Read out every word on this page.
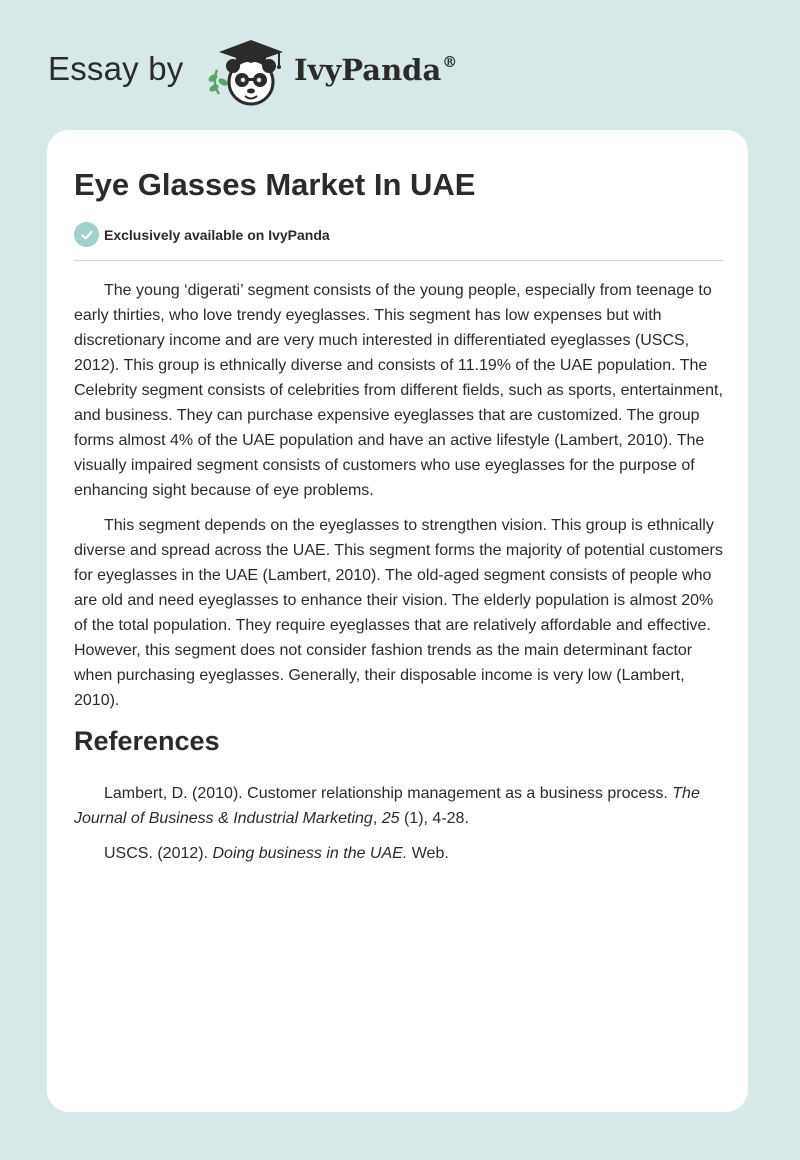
Essay by	IvyPanda®
Eye Glasses Market In UAE
Exclusively available on IvyPanda

The young ‘digerati’ segment consists of the young people, especially from teenage to early thirties, who love trendy eyeglasses. This segment has low expenses but with discretionary income and are very much interested in differentiated eyeglasses (USCS, 2012). This group is ethnically diverse and consists of 11.19% of the UAE population. The Celebrity segment consists of celebrities from different fields, such as sports, entertainment, and business. They can purchase expensive eyeglasses that are customized. The group forms almost 4% of the UAE population and have an active lifestyle (Lambert, 2010). The visually impaired segment consists of customers who use eyeglasses for the purpose of enhancing sight because of eye problems.

This segment depends on the eyeglasses to strengthen vision. This group is ethnically diverse and spread across the UAE. This segment forms the majority of potential customers for eyeglasses in the UAE (Lambert, 2010). The old-aged segment consists of people who are old and need eyeglasses to enhance their vision. The elderly population is almost 20% of the total population. They require eyeglasses that are relatively affordable and effective. However, this segment does not consider fashion trends as the main determinant factor when purchasing eyeglasses. Generally, their disposable income is very low (Lambert, 2010).

References

Lambert, D. (2010). Customer relationship management as a business process. The Journal of Business & Industrial Marketing, 25 (1), 4-28.

USCS. (2012). Doing business in the UAE. Web.
